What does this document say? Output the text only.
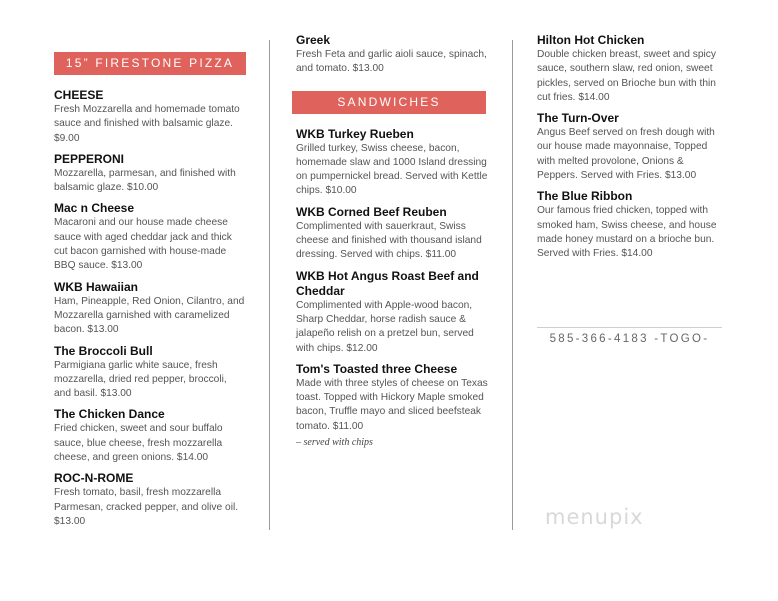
15” FIRESTONE PIZZA
CHEESE
Fresh Mozzarella and homemade tomato sauce and finished with balsamic glaze. $9.00
PEPPERONI
Mozzarella, parmesan, and finished with balsamic glaze. $10.00
Mac n Cheese
Macaroni and our house made cheese sauce with aged cheddar jack and thick cut bacon garnished with house-made BBQ sauce. $13.00
WKB Hawaiian
Ham, Pineapple, Red Onion, Cilantro, and Mozzarella garnished with caramelized bacon. $13.00
The Broccoli Bull
Parmigiana garlic white sauce, fresh mozzarella, dried red pepper, broccoli, and basil. $13.00
The Chicken Dance
Fried chicken, sweet and sour buffalo sauce, blue cheese, fresh mozzarella cheese, and green onions. $14.00
ROC-N-ROME
Fresh tomato, basil, fresh mozzarella Parmesan, cracked pepper, and olive oil. $13.00
Greek
Fresh Feta and garlic aioli sauce, spinach, and tomato. $13.00
SANDWICHES
WKB Turkey Rueben
Grilled turkey, Swiss cheese, bacon, homemade slaw and 1000 Island dressing on pumpernickel bread. Served with Kettle chips. $10.00
WKB Corned Beef Reuben
Complimented with sauerkraut, Swiss cheese and finished with thousand island dressing. Served with chips. $11.00
WKB Hot Angus Roast Beef and Cheddar
Complimented with Apple-wood bacon, Sharp Cheddar, horse radish sauce & jalapeño relish on a pretzel bun, served with chips. $12.00
Tom's Toasted three Cheese
Made with three styles of cheese on Texas toast. Topped with Hickory Maple smoked bacon, Truffle mayo and sliced beefsteak tomato. $11.00
– served with chips
Hilton Hot Chicken
Double chicken breast, sweet and spicy sauce, southern slaw, red onion, sweet pickles, served on Brioche bun with thin cut fries. $14.00
The Turn-Over
Angus Beef served on fresh dough with our house made mayonnaise, Topped with melted provolone, Onions & Peppers. Served with Fries. $13.00
The Blue Ribbon
Our famous fried chicken, topped with smoked ham, Swiss cheese, and house made honey mustard on a brioche bun. Served with Fries. $14.00
585-366-4183 -TOGO-
menupix
